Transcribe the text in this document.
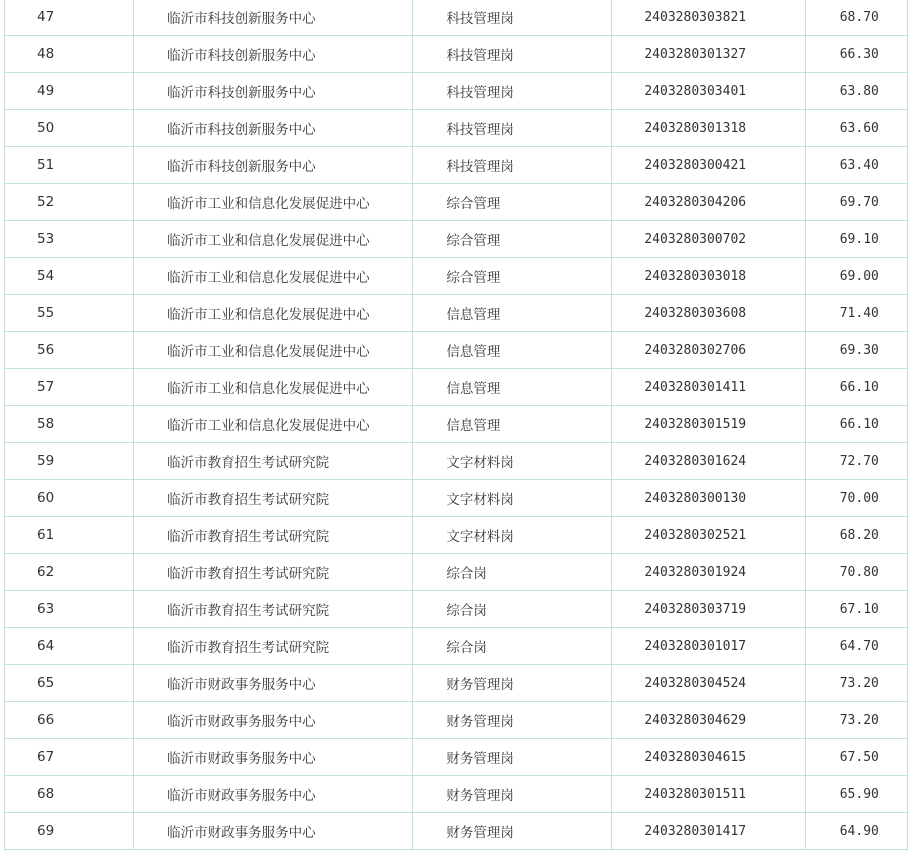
47	临沂市科技创新服务中心	科技管理岗	2403280303821	68.70
48	临沂市科技创新服务中心	科技管理岗	2403280301327	66.30
49	临沂市科技创新服务中心	科技管理岗	2403280303401	63.80
50	临沂市科技创新服务中心	科技管理岗	2403280301318	63.60
51	临沂市科技创新服务中心	科技管理岗	2403280300421	63.40
52	临沂市工业和信息化发展促进中心	综合管理	2403280304206	69.70
53	临沂市工业和信息化发展促进中心	综合管理	2403280300702	69.10
54	临沂市工业和信息化发展促进中心	综合管理	2403280303018	69.00
55	临沂市工业和信息化发展促进中心	信息管理	2403280303608	71.40
56	临沂市工业和信息化发展促进中心	信息管理	2403280302706	69.30
57	临沂市工业和信息化发展促进中心	信息管理	2403280301411	66.10
58	临沂市工业和信息化发展促进中心	信息管理	2403280301519	66.10
59	临沂市教育招生考试研究院	文字材料岗	2403280301624	72.70
60	临沂市教育招生考试研究院	文字材料岗	2403280300130	70.00
61	临沂市教育招生考试研究院	文字材料岗	2403280302521	68.20
62	临沂市教育招生考试研究院	综合岗	2403280301924	70.80
63	临沂市教育招生考试研究院	综合岗	2403280303719	67.10
64	临沂市教育招生考试研究院	综合岗	2403280301017	64.70
65	临沂市财政事务服务中心	财务管理岗	2403280304524	73.20
66	临沂市财政事务服务中心	财务管理岗	2403280304629	73.20
67	临沂市财政事务服务中心	财务管理岗	2403280304615	67.50
68	临沂市财政事务服务中心	财务管理岗	2403280301511	65.90
69	临沂市财政事务服务中心	财务管理岗	2403280301417	64.90
